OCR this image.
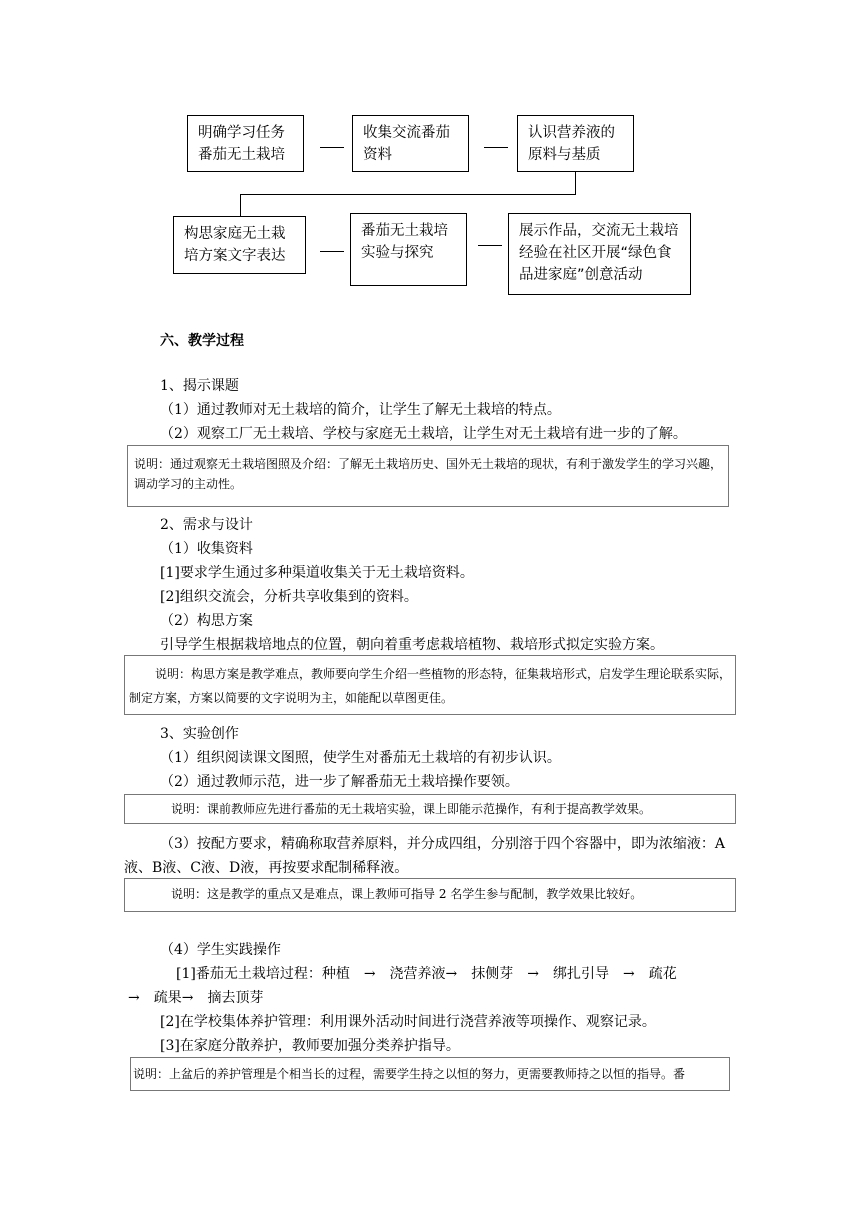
明确学习任务
番茄无土栽培
收集交流番茄
资料
认识营养液的
原料与基质
构思家庭无土栽
培方案文字表达
番茄无土栽培
实验与探究
展示作品，交流无土栽培
经验在社区开展“绿色食
品进家庭”创意活动
六、教学过程
1、揭示课题
（1）通过教师对无土栽培的简介，让学生了解无土栽培的特点。
（2）观察工厂无土栽培、学校与家庭无土栽培，让学生对无土栽培有进一步的了解。
说明：通过观察无土栽培图照及介绍：了解无土栽培历史、国外无土栽培的现状，有利于激发学生的学习兴趣，调动学习的主动性。
2、需求与设计
（1）收集资料
[1]要求学生通过多种渠道收集关于无土栽培资料。
[2]组织交流会，分析共享收集到的资料。
（2）构思方案
引导学生根据栽培地点的位置，朝向着重考虑栽培植物、栽培形式拟定实验方案。
说明：构思方案是教学难点，教师要向学生介绍一些植物的形态特，征集栽培形式，启发学生理论联系实际，制定方案，方案以简要的文字说明为主，如能配以草图更佳。
3、实验创作
（1）组织阅读课文图照，使学生对番茄无土栽培的有初步认识。
（2）通过教师示范，进一步了解番茄无土栽培操作要领。
说明：课前教师应先进行番茄的无土栽培实验，课上即能示范操作，有利于提高教学效果。
（3）按配方要求，精确称取营养原料，并分成四组，分别溶于四个容器中，即为浓缩液：A液、B液、C液、D液，再按要求配制稀释液。
说明：这是教学的重点又是难点，课上教师可指导 2 名学生参与配制，教学效果比较好。
（4）学生实践操作
[1]番茄无土栽培过程：种植　→　浇营养液→　抹侧芽　→　绑扎引导　→　疏花
→　疏果→　摘去顶芽
[2]在学校集体养护管理：利用课外活动时间进行浇营养液等项操作、观察记录。
[3]在家庭分散养护，教师要加强分类养护指导。
说明：上盆后的养护管理是个相当长的过程，需要学生持之以恒的努力，更需要教师持之以恒的指导。番
